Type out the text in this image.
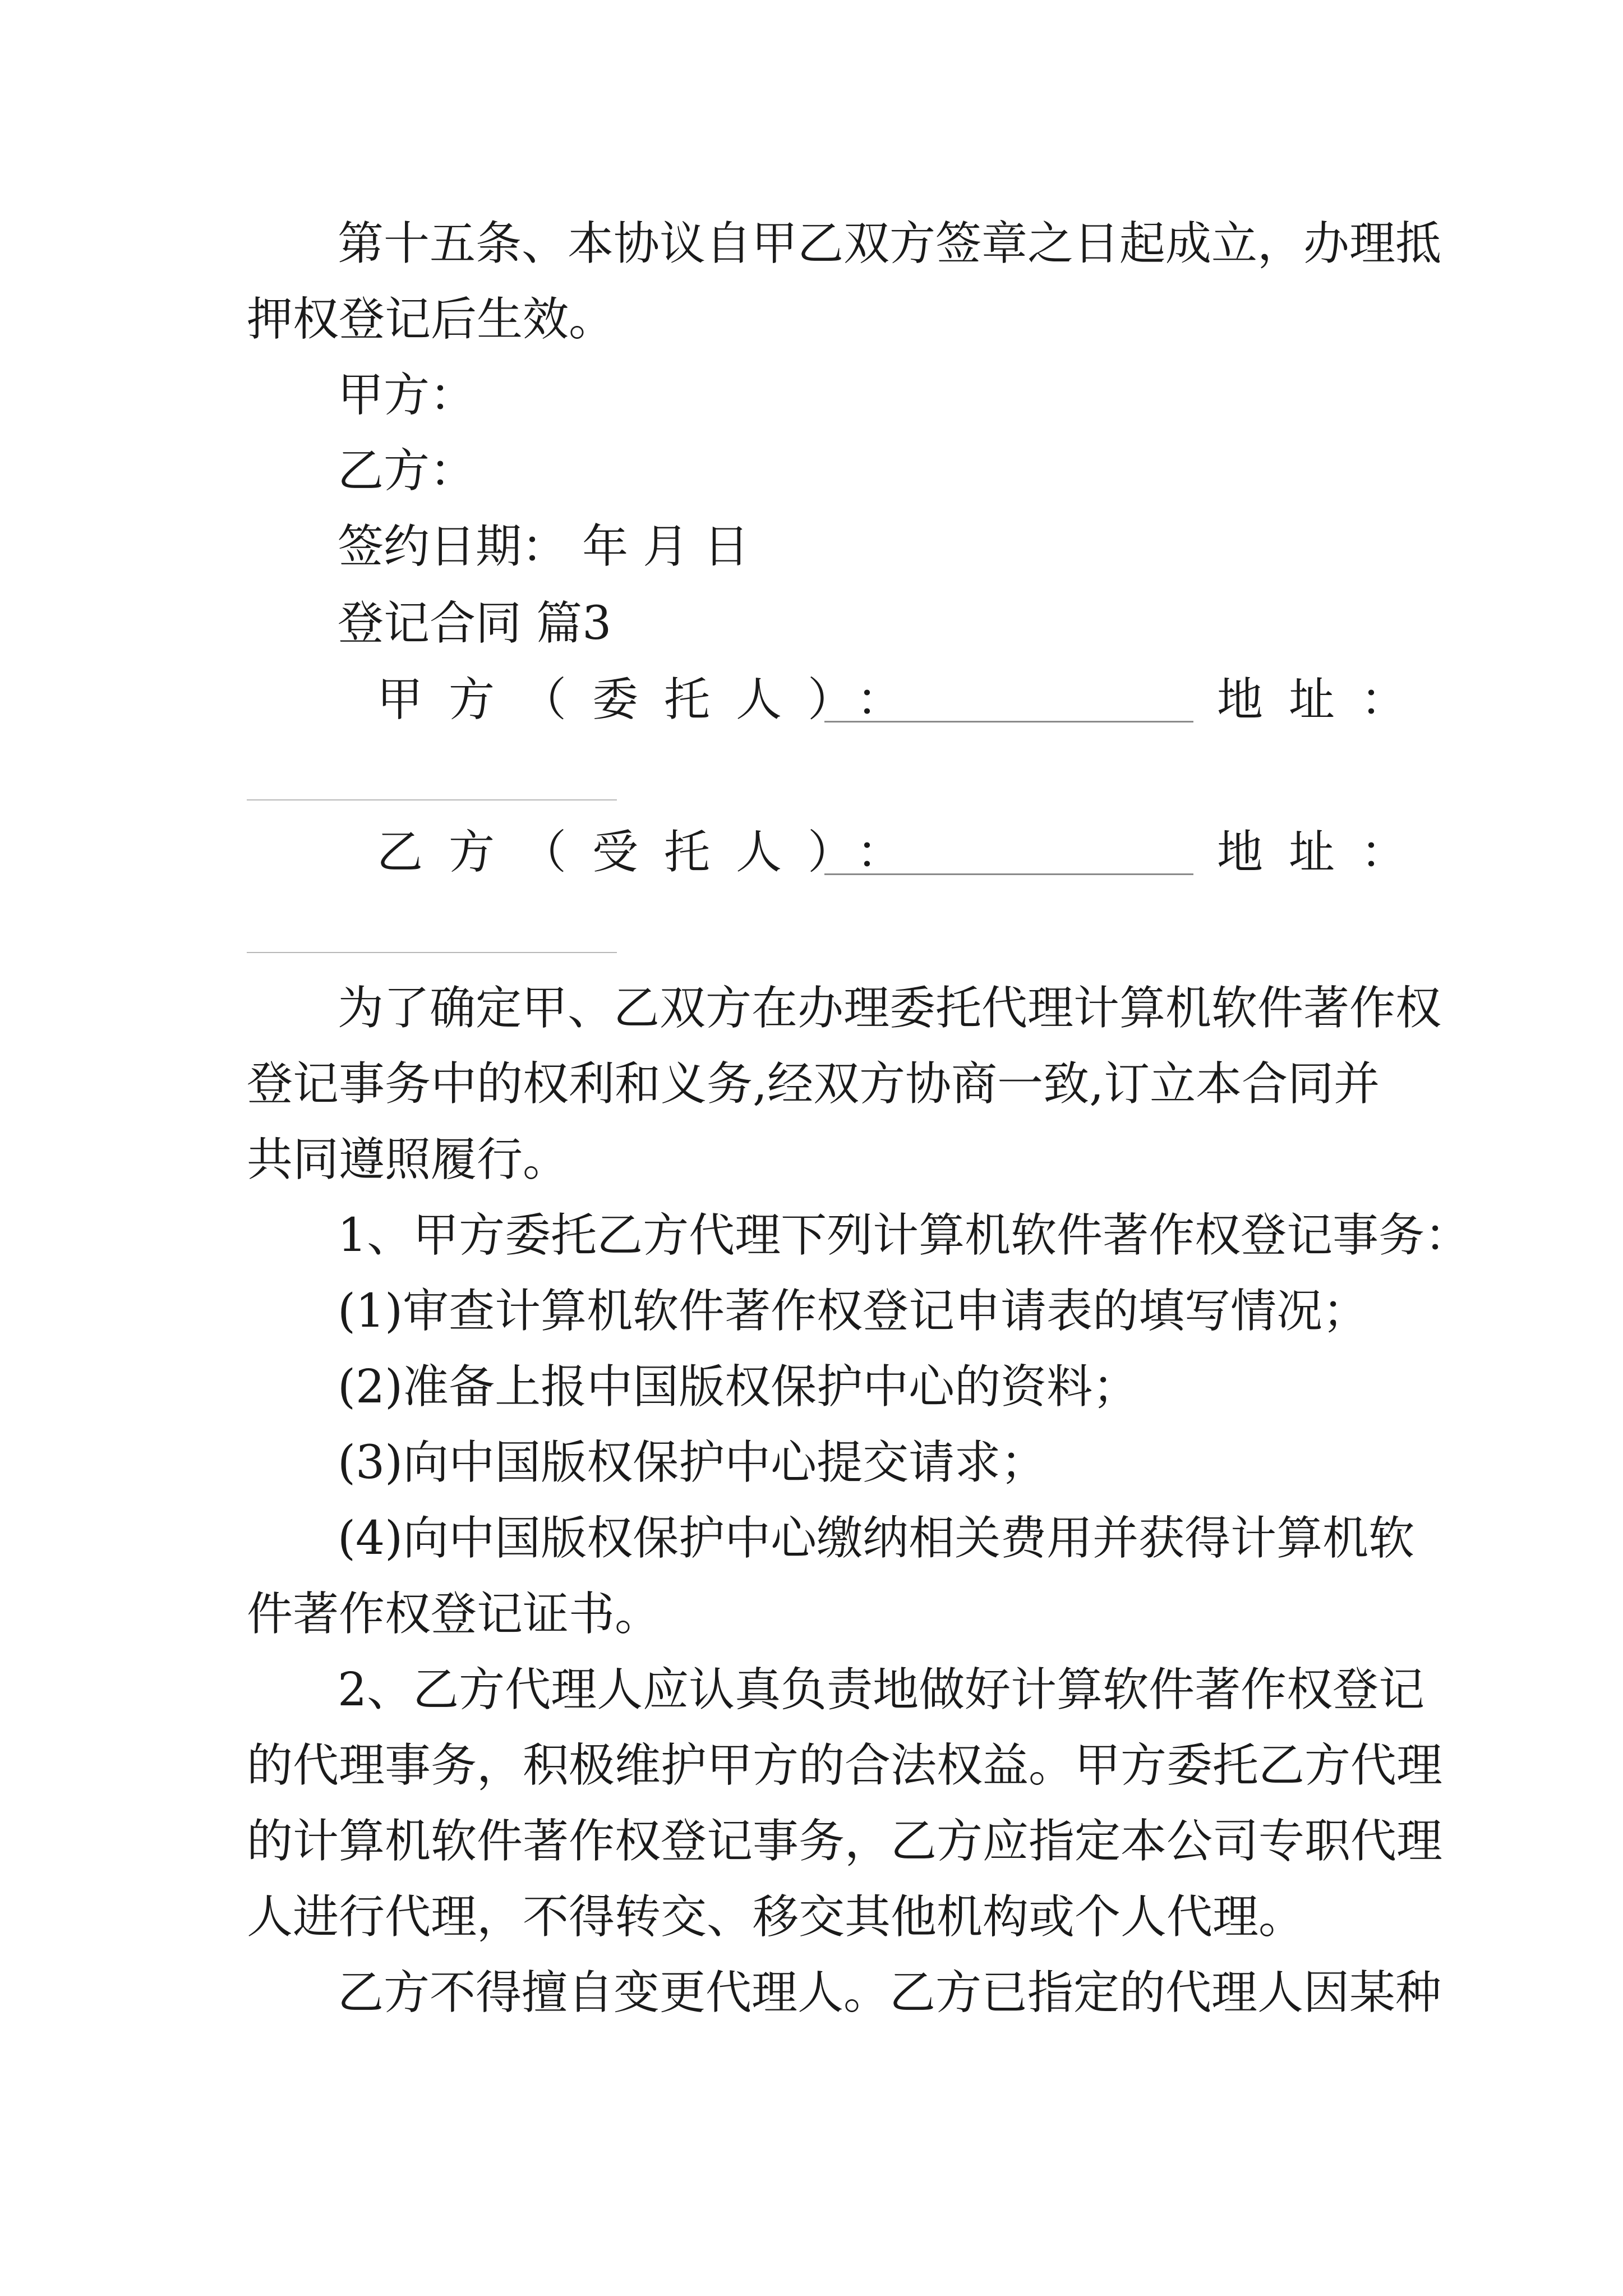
第十五条、本协议自甲乙双方签章之日起成立，办理抵
押权登记后生效。
甲方：
乙方：
签约日期： 年 月 日
登记合同 篇3
甲方（委托人）：	地址：
乙方（受托人）：	地址：
为了确定甲、乙双方在办理委托代理计算机软件著作权
登记事务中的权利和义务,经双方协商一致,订立本合同并
共同遵照履行。
1、甲方委托乙方代理下列计算机软件著作权登记事务：
(1)审查计算机软件著作权登记申请表的填写情况；
(2)准备上报中国版权保护中心的资料；
(3)向中国版权保护中心提交请求；
(4)向中国版权保护中心缴纳相关费用并获得计算机软
件著作权登记证书。
2、乙方代理人应认真负责地做好计算软件著作权登记
的代理事务，积极维护甲方的合法权益。甲方委托乙方代理
的计算机软件著作权登记事务，乙方应指定本公司专职代理
人进行代理，不得转交、移交其他机构或个人代理。
乙方不得擅自变更代理人。乙方已指定的代理人因某种
